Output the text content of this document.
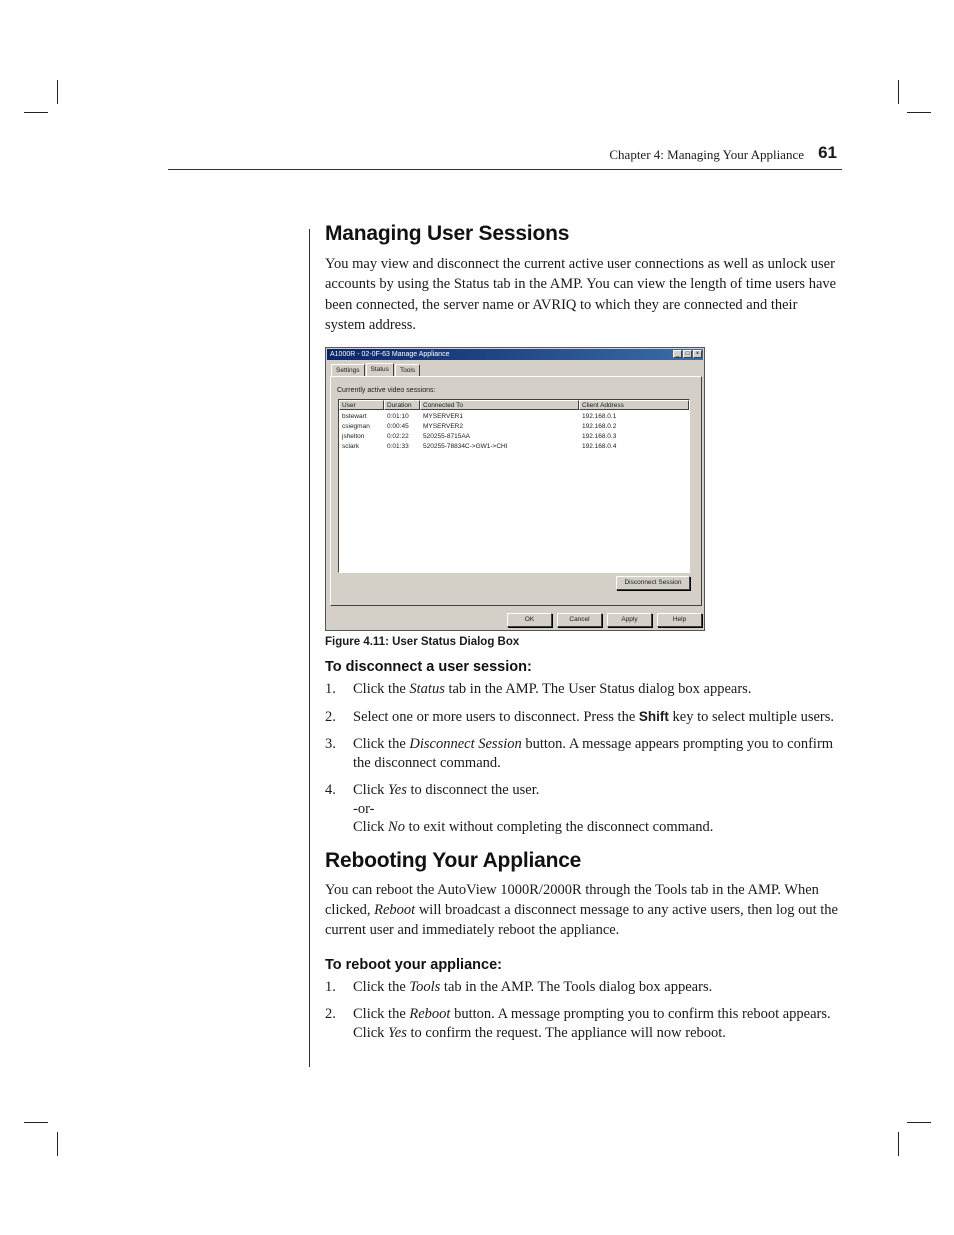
Chapter 4: Managing Your Appliance 61
Managing User Sessions

You may view and disconnect the current active user connections as well as unlock user accounts by using the Status tab in the AMP. You can view the length of time users have been connected, the server name or AVRIQ to which they are connected and their system address.

A1000R - 02-0F-63 Manage Appliance	_	□	×
Settings	Status	Tools
Currently active video sessions:
User	Duration	Connected To	Client Address
bstewart	0:01:10	MYSERVER1	192.168.0.1
csiegman	0:00:45	MYSERVER2	192.168.0.2
jshelton	0:02:22	520255-8715AA	192.168.0.3
sclark	0:01:33	520255-78834C->GW1->CHI	192.168.0.4
Disconnect Session
OK	Cancel	Apply	Help

Figure 4.11: User Status Dialog Box

To disconnect a user session:
1. Click the Status tab in the AMP. The User Status dialog box appears.
2. Select one or more users to disconnect. Press the Shift key to select multiple users.
3. Click the Disconnect Session button. A message appears prompting you to confirm the disconnect command.
4. Click Yes to disconnect the user.
-or-
Click No to exit without completing the disconnect command.
Rebooting Your Appliance

You can reboot the AutoView 1000R/2000R through the Tools tab in the AMP. When clicked, Reboot will broadcast a disconnect message to any active users, then log out the current user and immediately reboot the appliance.

To reboot your appliance:
1. Click the Tools tab in the AMP. The Tools dialog box appears.
2. Click the Reboot button. A message prompting you to confirm this reboot appears. Click Yes to confirm the request. The appliance will now reboot.
